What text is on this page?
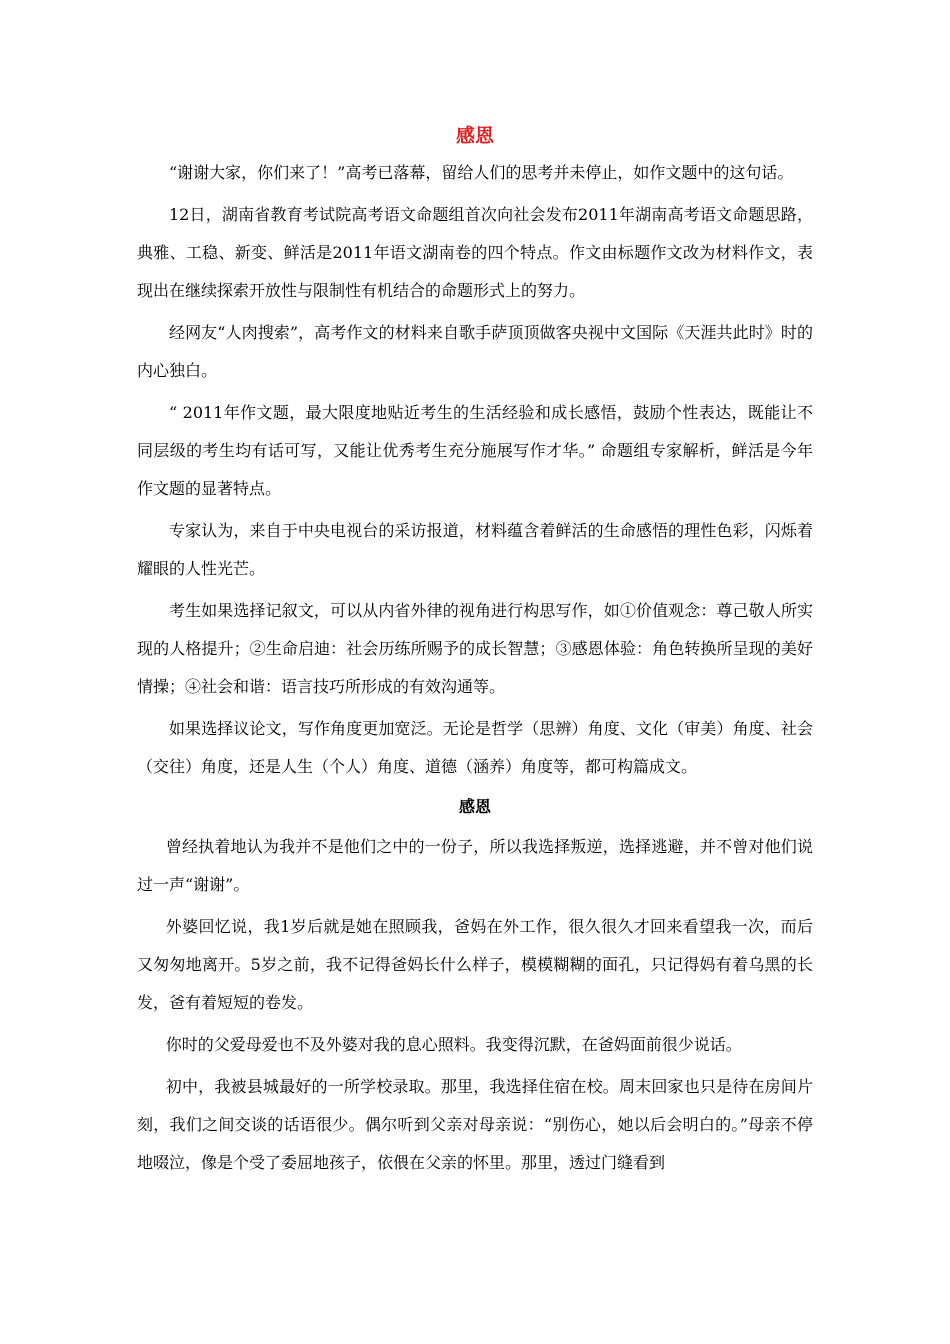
感恩

“谢谢大家，你们来了！”高考已落幕，留给人们的思考并未停止，如作文题中的这句话。

12日，湖南省教育考试院高考语文命题组首次向社会发布2011年湖南高考语文命题思路，典雅、工稳、新变、鲜活是2011年语文湖南卷的四个特点。作文由标题作文改为材料作文，表现出在继续探索开放性与限制性有机结合的命题形式上的努力。

经网友“人肉搜索”，高考作文的材料来自歌手萨顶顶做客央视中文国际《天涯共此时》时的内心独白。

“ 2011年作文题，最大限度地贴近考生的生活经验和成长感悟，鼓励个性表达，既能让不同层级的考生均有话可写，又能让优秀考生充分施展写作才华。” 命题组专家解析，鲜活是今年作文题的显著特点。

专家认为，来自于中央电视台的采访报道，材料蕴含着鲜活的生命感悟的理性色彩，闪烁着耀眼的人性光芒。

考生如果选择记叙文，可以从内省外律的视角进行构思写作，如①价值观念：尊己敬人所实现的人格提升；②生命启迪：社会历练所赐予的成长智慧；③感恩体验：角色转换所呈现的美好情操；④社会和谐：语言技巧所形成的有效沟通等。

如果选择议论文，写作角度更加宽泛。无论是哲学（思辨）角度、文化（审美）角度、社会（交往）角度，还是人生（个人）角度、道德（涵养）角度等，都可构篇成文。

感恩

曾经执着地认为我并不是他们之中的一份子，所以我选择叛逆，选择逃避，并不曾对他们说过一声“谢谢”。

外婆回忆说，我1岁后就是她在照顾我，爸妈在外工作，很久很久才回来看望我一次，而后又匆匆地离开。5岁之前，我不记得爸妈长什么样子，模模糊糊的面孔，只记得妈有着乌黑的长发，爸有着短短的卷发。

你时的父爱母爱也不及外婆对我的息心照料。我变得沉默，在爸妈面前很少说话。

初中，我被县城最好的一所学校录取。那里，我选择住宿在校。周末回家也只是待在房间片刻，我们之间交谈的话语很少。偶尔听到父亲对母亲说：“别伤心，她以后会明白的。”母亲不停地啜泣，像是个受了委屈地孩子，依偎在父亲的怀里。那里，透过门缝看到
